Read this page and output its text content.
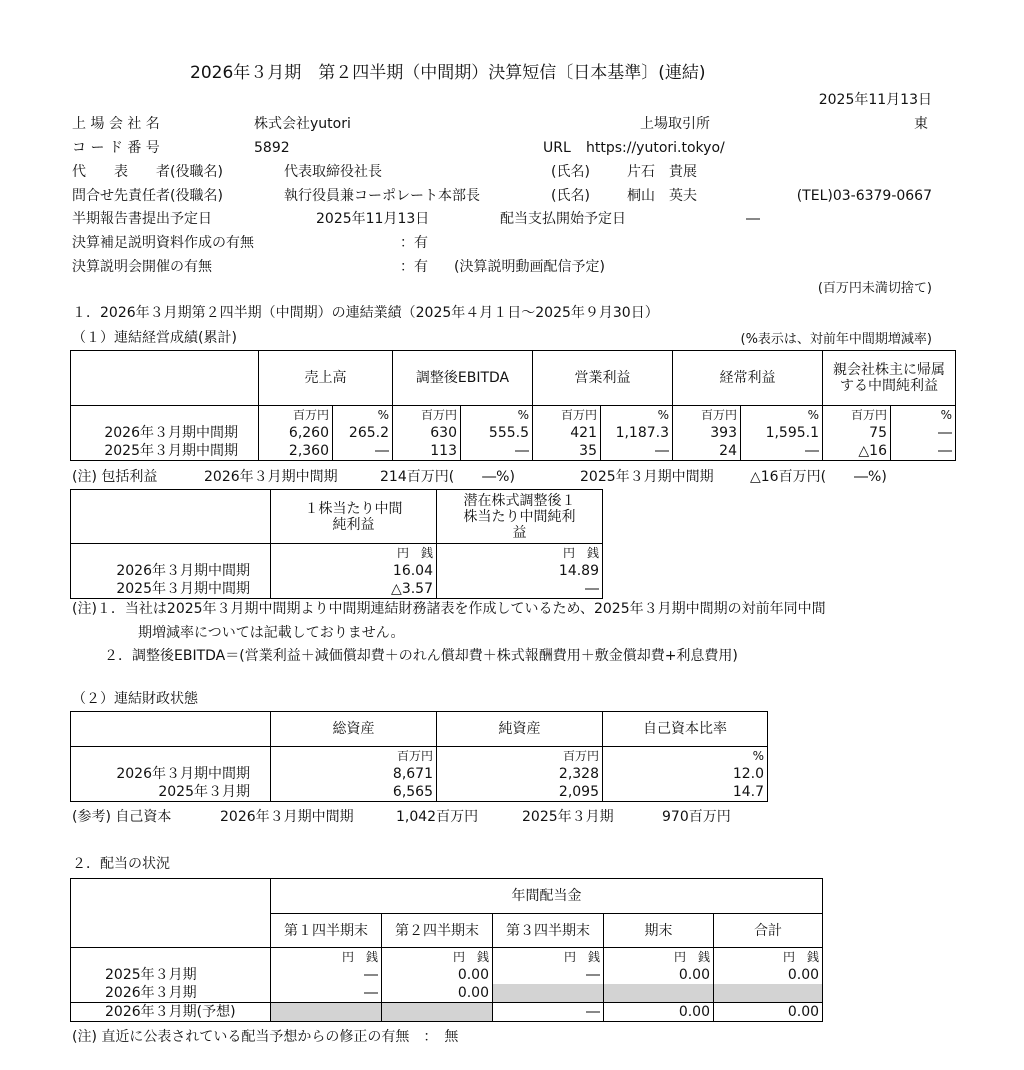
2026年３月期　第２四半期（中間期）決算短信〔日本基準〕(連結)
2025年11月13日
上 場 会 社 名	株式会社yutori	上場取引所	東
コ ー ド 番 号	5892	URL https://yutori.tokyo/
代　　表　　者(役職名)	代表取締役社長	(氏名)	片石　貴展
問合せ先責任者(役職名)	執行役員兼コーポレート本部長	(氏名)	桐山　英夫	(TEL)03-6379-0667
半期報告書提出予定日	2025年11月13日	配当支払開始予定日	―
決算補足説明資料作成の有無	：有
決算説明会開催の有無	：有 (決算説明動画配信予定)
(百万円未満切捨て)
１．2026年３月期第２四半期（中間期）の連結業績（2025年４月１日～2025年９月30日）
（１）連結経営成績(累計)	(%表示は、対前年中間期増減率)
	売上高		調整後EBITDA		営業利益		経常利益		親会社株主に帰属する中間純利益	
	百万円	%	百万円	%	百万円	%	百万円	%	百万円	%
2026年３月期中間期	6,260	265.2	630	555.5	421	1,187.3	393	1,595.1	75	―
2025年３月期中間期	2,360	―	113	―	35	―	24	―	△16	―
(注) 包括利益	2026年３月期中間期	214百万円(　　―%)	2025年３月期中間期	△16百万円(　　―%)
	１株当たり中間純利益	潜在株式調整後１株当たり中間純利益
	円　銭	円　銭
2026年３月期中間期	16.04	14.89
2025年３月期中間期	△3.57	―
(注)１．当社は2025年３月期中間期より中間期連結財務諸表を作成しているため、2025年３月期中間期の対前年同中間
期増減率については記載しておりません。
２．調整後EBITDA＝(営業利益＋減価償却費＋のれん償却費＋株式報酬費用＋敷金償却費+利息費用)
（２）連結財政状態
	総資産	純資産	自己資本比率
	百万円	百万円	%
2026年３月期中間期	8,671	2,328	12.0
2025年３月期	6,565	2,095	14.7
(参考) 自己資本	2026年３月期中間期	1,042百万円	2025年３月期	970百万円
２．配当の状況
	年間配当金				
	第１四半期末	第２四半期末	第３四半期末	期末	合計
	円　銭	円　銭	円　銭	円　銭	円　銭
2025年３月期	―	0.00	―	0.00	0.00
2026年３月期	―	0.00			
2026年３月期(予想)			―	0.00	0.00
(注) 直近に公表されている配当予想からの修正の有無　：　無
